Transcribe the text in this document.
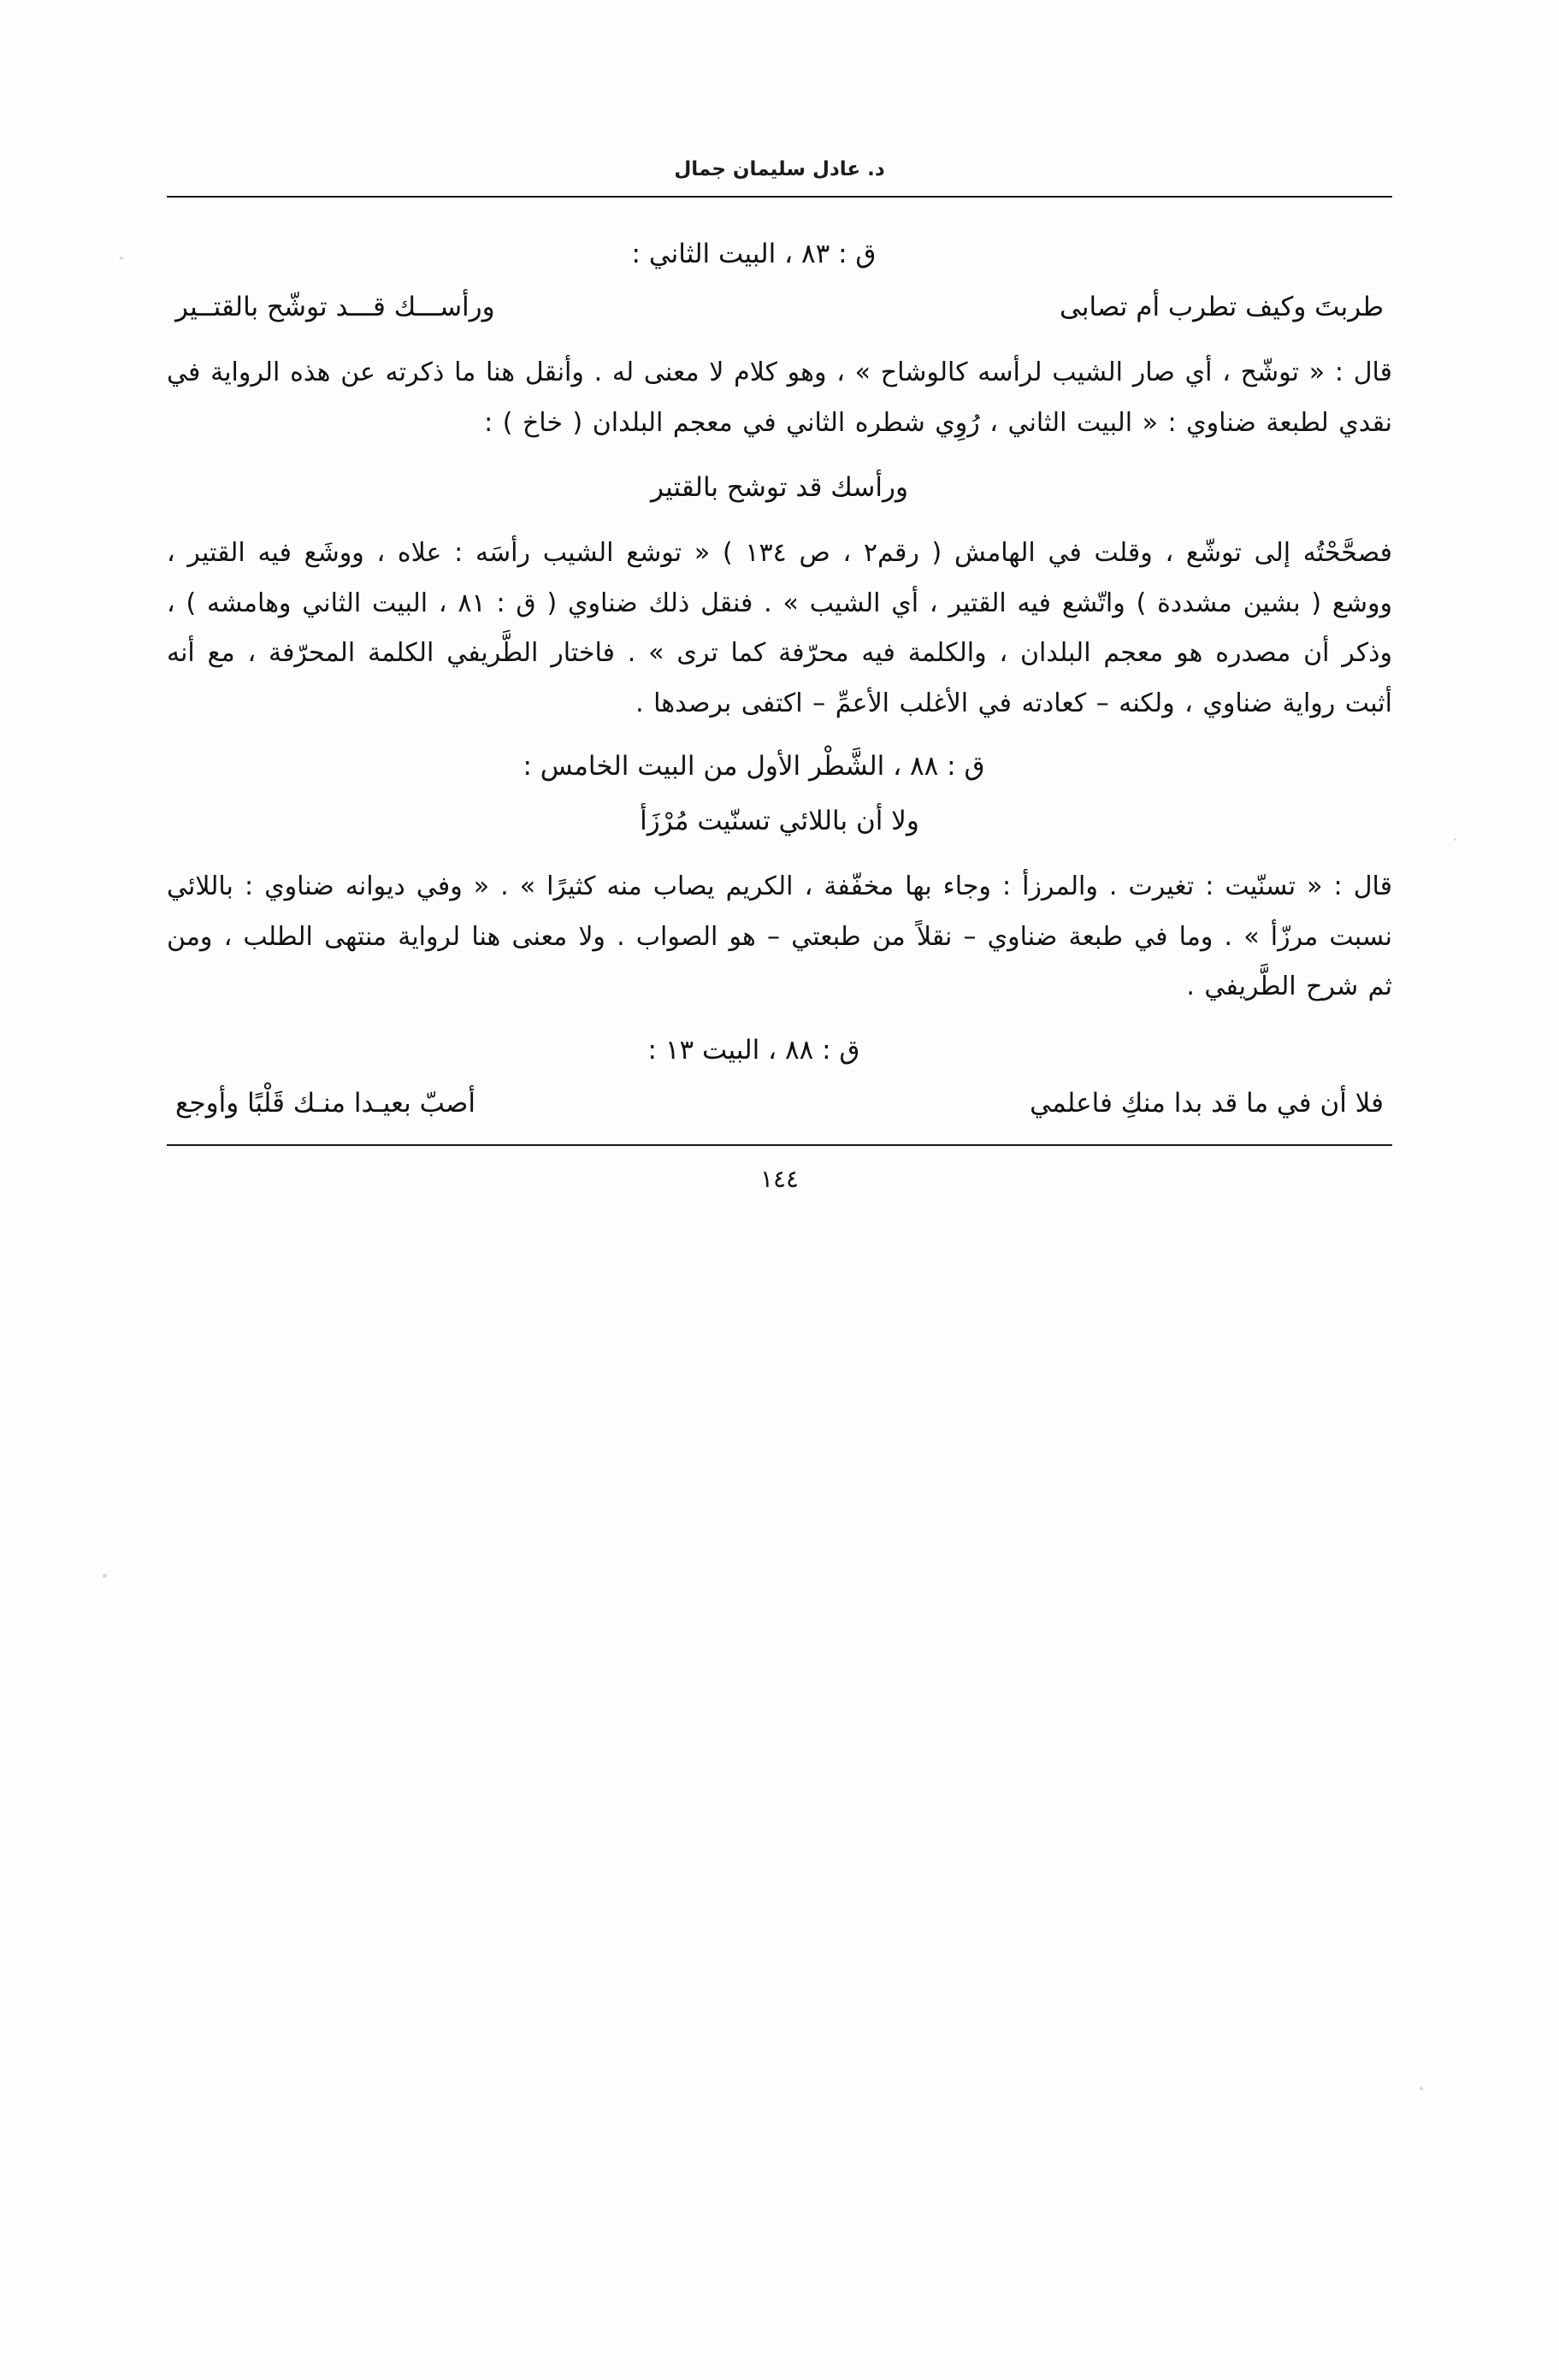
د. عادل سليمان جمال
ق : ٨٣ ، البيت الثاني :
طربتَ وكيف تطرب أم تصابى
ورأســـك قـــد توشّح بالقتــير

قال : « توشّح ، أي صار الشيب لرأسه كالوشاح » ، وهو كلام لا معنى له . وأنقل هنا ما ذكرته عن هذه الرواية في نقدي لطبعة ضناوي : « البيت الثاني ، رُوِي شطره الثاني في معجم البلدان ( خاخ ) :

ورأسك قد توشح بالقتير

فصحَّحْتُه إلى توشّع ، وقلت في الهامش ( رقم٢ ، ص ١٣٤ ) « توشع الشيب رأسَه : علاه ، ووشَع فيه القتير ، ووشع ( بشين مشددة ) واتّشع فيه القتير ، أي الشيب » . فنقل ذلك ضناوي ( ق : ٨١ ، البيت الثاني وهامشه ) ، وذكر أن مصدره هو معجم البلدان ، والكلمة فيه محرّفة كما ترى » . فاختار الطَّريفي الكلمة المحرّفة ، مع أنه أثبت رواية ضناوي ، ولكنه – كعادته في الأغلب الأعمِّ – اكتفى برصدها .

ق : ٨٨ ، الشَّطْر الأول من البيت الخامس :
ولا أن باللائي تسنّيت مُرْزَأ

قال : « تسنّيت : تغيرت . والمرزأ : وجاء بها مخفّفة ، الكريم يصاب منه كثيرًا » . « وفي ديوانه ضناوي : باللائي نسبت مرزّأ » . وما في طبعة ضناوي – نقلاً من طبعتي – هو الصواب . ولا معنى هنا لرواية منتهى الطلب ، ومن ثم شرح الطَّريفي .

ق : ٨٨ ، البيت ١٣ :
فلا أن في ما قد بدا منكِ فاعلمي
أصبّ بعيـدا منـك قَلْبًا وأوجع
١٤٤
